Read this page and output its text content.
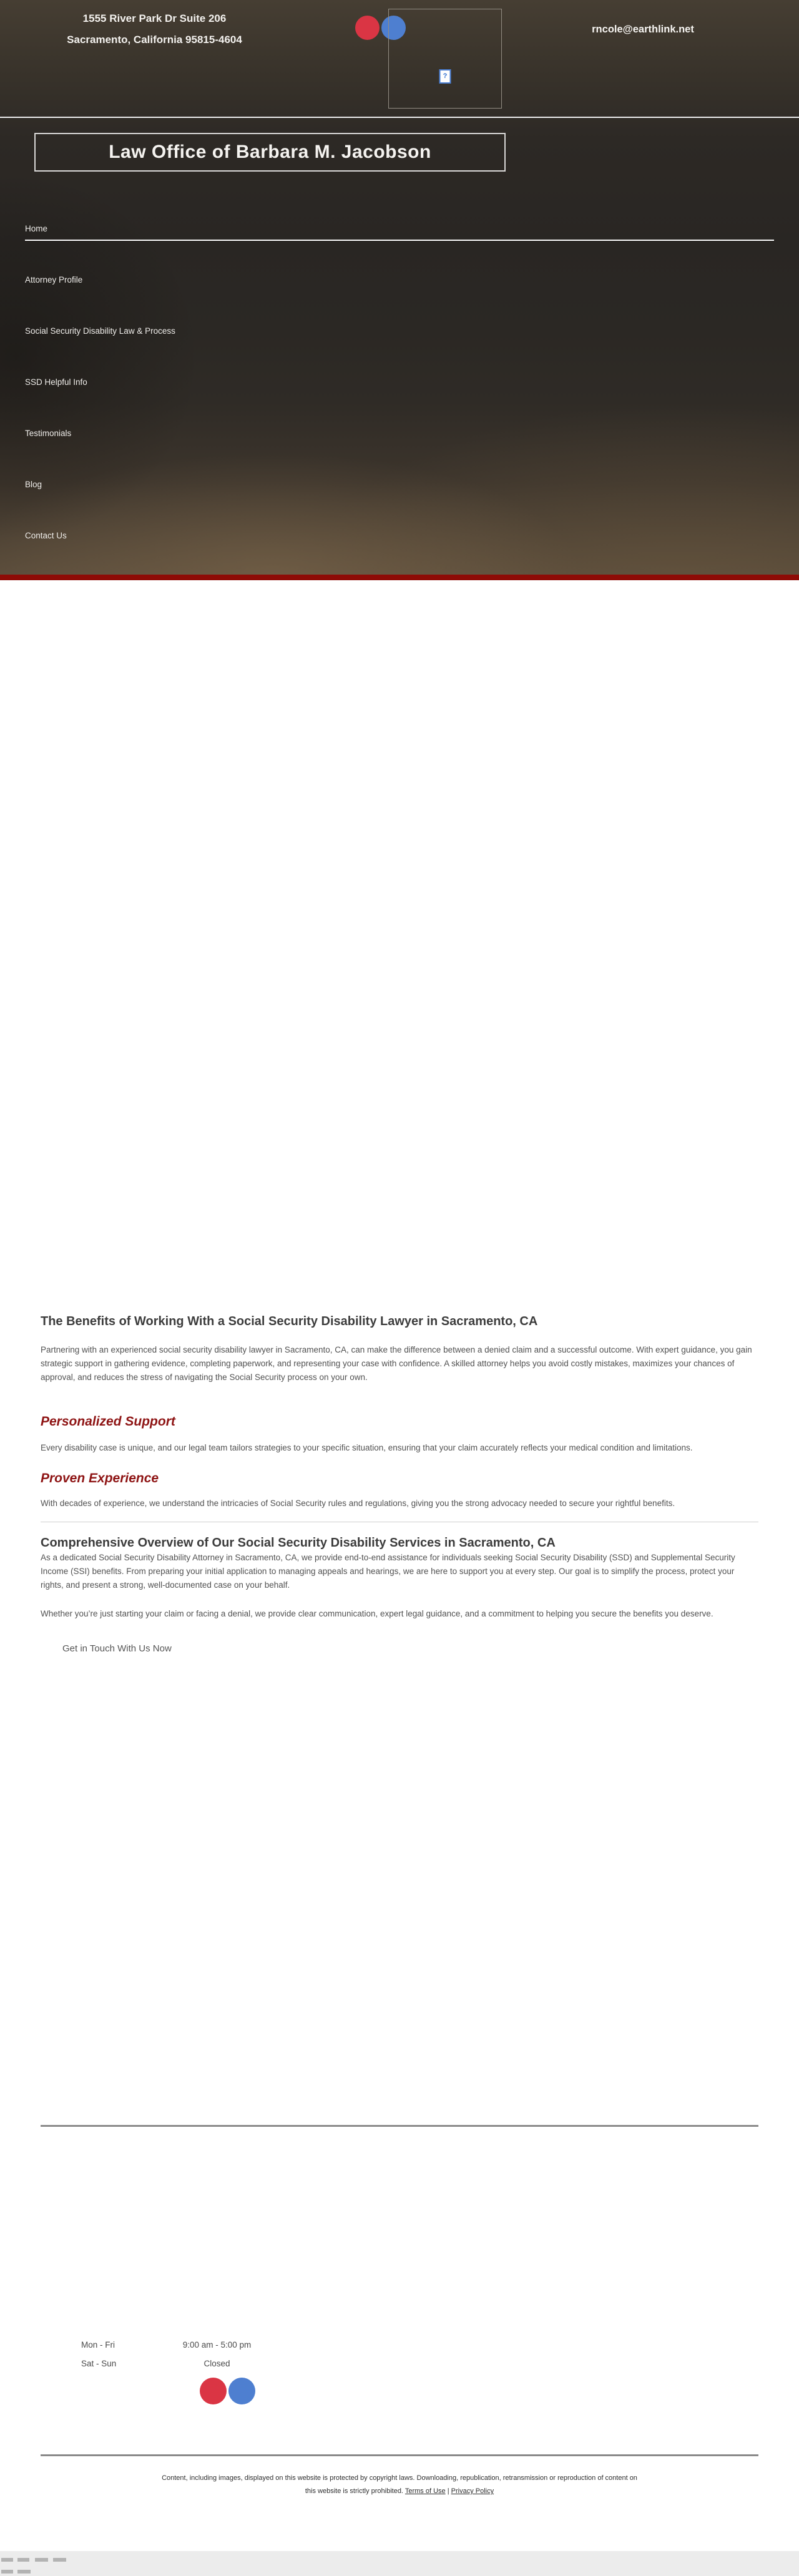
1555 River Park Dr Suite 206
Sacramento, California 95815-4604
?
rncole@earthlink.net
Law Office of Barbara M. Jacobson
Home
Attorney Profile
Social Security Disability Law & Process
SSD Helpful Info
Testimonials
Blog
Contact Us
The Benefits of Working With a Social Security Disability Lawyer in Sacramento, CA

Partnering with an experienced social security disability lawyer in Sacramento, CA, can make the difference between a denied claim and a successful outcome. With expert guidance, you gain strategic support in gathering evidence, completing paperwork, and representing your case with confidence. A skilled attorney helps you avoid costly mistakes, maximizes your chances of approval, and reduces the stress of navigating the Social Security process on your own.

Personalized Support

Every disability case is unique, and our legal team tailors strategies to your specific situation, ensuring that your claim accurately reflects your medical condition and limitations.

Proven Experience

With decades of experience, we understand the intricacies of Social Security rules and regulations, giving you the strong advocacy needed to secure your rightful benefits.

Comprehensive Overview of Our Social Security Disability Services in Sacramento, CA

As a dedicated Social Security Disability Attorney in Sacramento, CA, we provide end-to-end assistance for individuals seeking Social Security Disability (SSD) and Supplemental Security Income (SSI) benefits. From preparing your initial application to managing appeals and hearings, we are here to support you at every step. Our goal is to simplify the process, protect your rights, and present a strong, well-documented case on your behalf.

Whether you’re just starting your claim or facing a denial, we provide clear communication, expert legal guidance, and a commitment to helping you secure the benefits you deserve.

Get in Touch With Us Now
Mon - Fri	9:00 am - 5:00 pm
Sat - Sun	Closed
Content, including images, displayed on this website is protected by copyright laws. Downloading, republication, retransmission or reproduction of content on
this website is strictly prohibited. Terms of Use | Privacy Policy
